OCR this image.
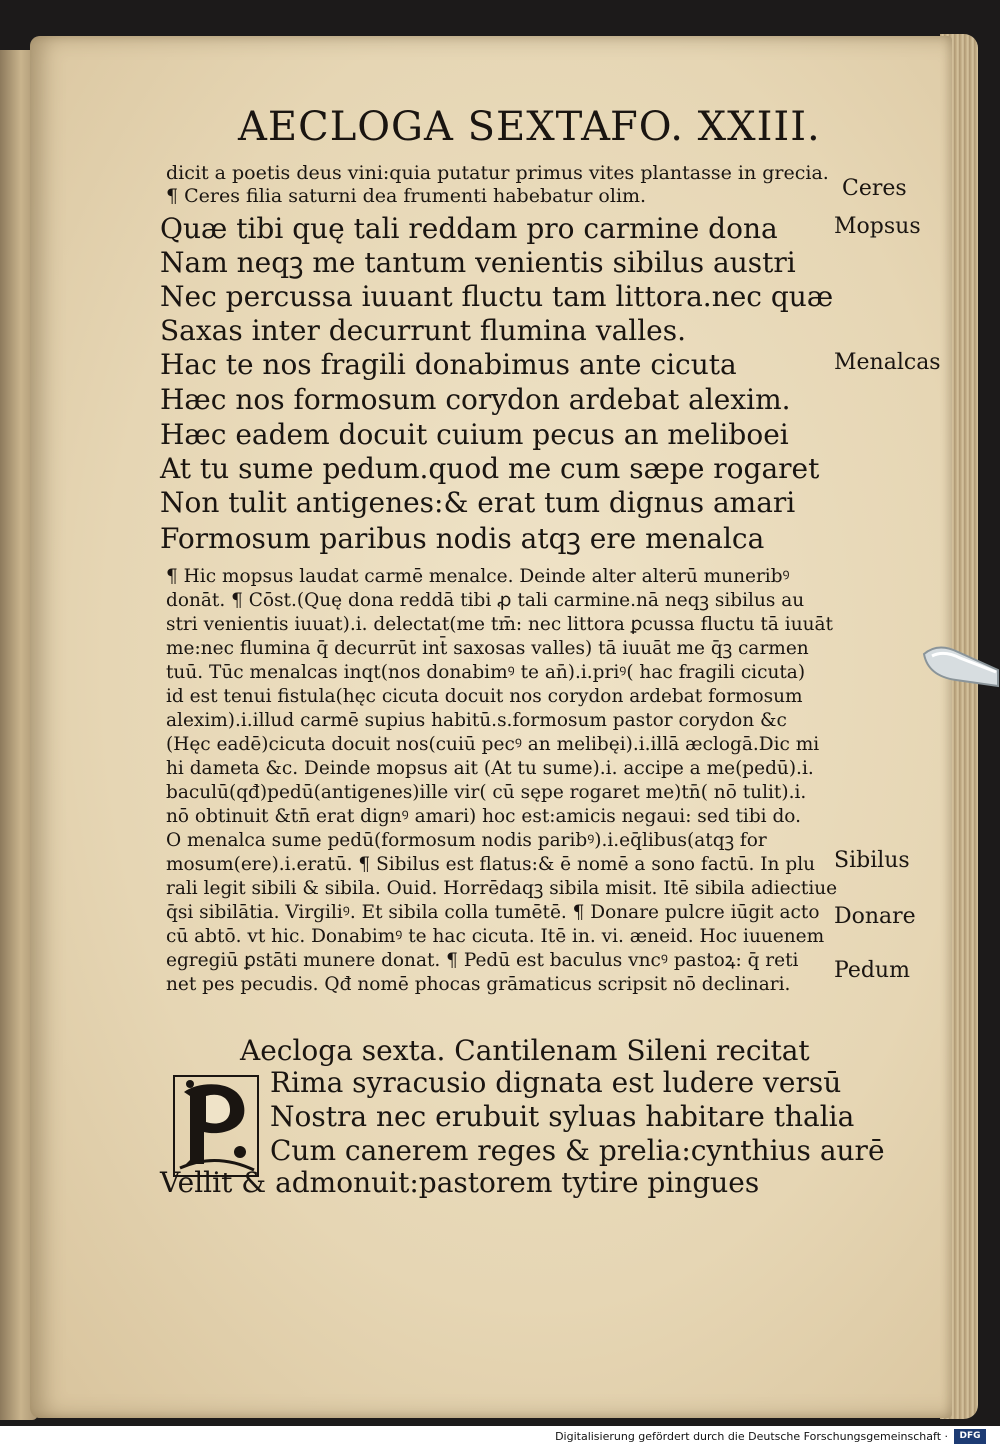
AECLOGA SEXTA
FO. XXIII.
dicit a poetis deus vini:quia putatur primus vites plantasse in grecia.
¶ Ceres filia saturni dea frumenti habebatur olim.
Quæ tibi quę tali reddam pro carmine dona
Nam neqꝫ me tantum venientis sibilus austri
Nec percussa iuuant fluctu tam littora.nec quæ
Saxas inter decurrunt flumina valles.
Hac te nos fragili donabimus ante cicuta
Hæc nos formosum corydon ardebat alexim.
Hæc eadem docuit cuium pecus an meliboei
At tu sume pedum.quod me cum sæpe rogaret
Non tulit antigenes:& erat tum dignus amari
Formosum paribus nodis atqꝫ ere menalca
¶ Hic mopsus laudat carmē menalce. Deinde alter alterū muneribꝰ
donāt. ¶ Cōst.(Quę dona reddā tibi ꝓ tali carmine.nā neqꝫ sibilus au
stri venientis iuuat).i. delectat(me tm̄: nec littora ꝑcussa fluctu tā iuuāt
me:nec flumina q̄ decurrūt int̄ saxosas valles) tā iuuāt me q̄ꝫ carmen
tuū. Tūc menalcas inqt(nos donabimꝰ te an̄).i.priꝰ( hac fragili cicuta)
id est tenui fistula(hęc cicuta docuit nos corydon ardebat formosum
alexim).i.illud carmē supius habitū.s.formosum pastor corydon &c
(Hęc eadē)cicuta docuit nos(cuiū pecꝰ an melibęi).i.illā æclogā.Dic mi
hi dameta &c. Deinde mopsus ait (At tu sume).i. accipe a me(pedū).i.
baculū(qđ)pedū(antigenes)ille vir( cū sępe rogaret me)tn̄( nō tulit).i.
nō obtinuit &tn̄ erat dignꝰ amari) hoc est:amicis negaui: sed tibi do.
O menalca sume pedū(formosum nodis paribꝰ).i.eq̄libus(atqꝫ for
mosum(ere).i.eratū. ¶ Sibilus est flatus:& ē nomē a sono factū. In plu
rali legit sibili & sibila. Ouid. Horrēdaqꝫ sibila misit. Itē sibila adiectiue
q̄si sibilātia. Virgiliꝰ. Et sibila colla tumētē. ¶ Donare pulcre iūgit acto
cū abtō. vt hic. Donabimꝰ te hac cicuta. Itē in. vi. æneid. Hoc iuuenem
egregiū ꝑstāti munere donat. ¶ Pedū est baculus vncꝰ pastoꝝ: q̄ reti
net pes pecudis. Qđ nomē phocas grāmaticus scripsit nō declinari.
Ceres
Mopsus
Menalcas
Sibilus
Donare
Pedum
Aecloga sexta. Cantilenam Sileni recitat
P
Rima syracusio dignata est ludere versū
Nostra nec erubuit syluas habitare thalia
Cum canerem reges & prelia:cynthius aurē
Vellit & admonuit:pastorem tytire pingues
Digitalisierung gefördert durch die Deutsche Forschungsgemeinschaft ·	DFG
